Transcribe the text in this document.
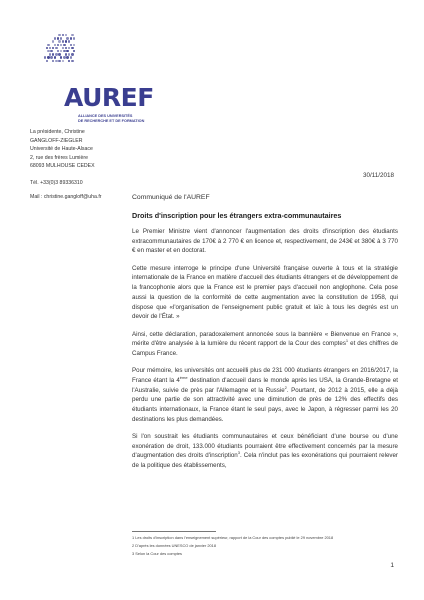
AUREF
ALLIANCE DES UNIVERSITÉS
DE RECHERCHE ET DE FORMATION
La présidente, Christine
GANGLOFF-ZIEGLER
Université de Haute-Alsace
2, rue des frères Lumière
68093 MULHOUSE CEDEX
Tél. +33(0)3 89336310
Mail : christine.gangloff@uha.fr
30/11/2018
Communiqué de l'AUREF
Droits d'inscription pour les étrangers extra-communautaires

Le Premier Ministre vient d'annoncer l'augmentation des droits d'inscription des étudiants extracommunautaires de 170€ à 2 770 € en licence et, respectivement, de 243€ et 380€ à 3 770 € en master et en doctorat.

Cette mesure interroge le principe d'une Université française ouverte à tous et la stratégie internationale de la France en matière d'accueil des étudiants étrangers et de développement de la francophonie alors que la France est le premier pays d'accueil non anglophone. Cela pose aussi la question de la conformité de cette augmentation avec la constitution de 1958, qui dispose que «l'organisation de l'enseignement public gratuit et laïc à tous les degrés est un devoir de l'État. »

Ainsi, cette déclaration, paradoxalement annoncée sous la bannière « Bienvenue en France », mérite d'être analysée à la lumière du récent rapport de la Cour des comptes$^1$ et des chiffres de Campus France.

Pour mémoire, les universités ont accueilli plus de 231 000 étudiants étrangers en 2016/2017, la France étant la 4ème destination d'accueil dans le monde après les USA, la Grande-Bretagne et l'Australie, suivie de près par l'Allemagne et la Russie$^2$. Pourtant, de 2012 à 2015, elle a déjà perdu une partie de son attractivité avec une diminution de près de 12% des effectifs des étudiants internationaux, la France étant le seul pays, avec le Japon, à régresser parmi les 20 destinations les plus demandées.

Si l'on soustrait les étudiants communautaires et ceux bénéficiant d'une bourse ou d'une exonération de droit, 133.000 étudiants pourraient être effectivement concernés par la mesure d'augmentation des droits d'inscription$^3$. Cela n'inclut pas les exonérations qui pourraient relever de la politique des établissements,

1 Les droits d'inscription dans l'enseignement supérieur, rapport de la Cour des comptes publié le 29 novembre 2018
2 D'après les données UNESCO de janvier 2018
3 Selon la Cour des comptes
1
